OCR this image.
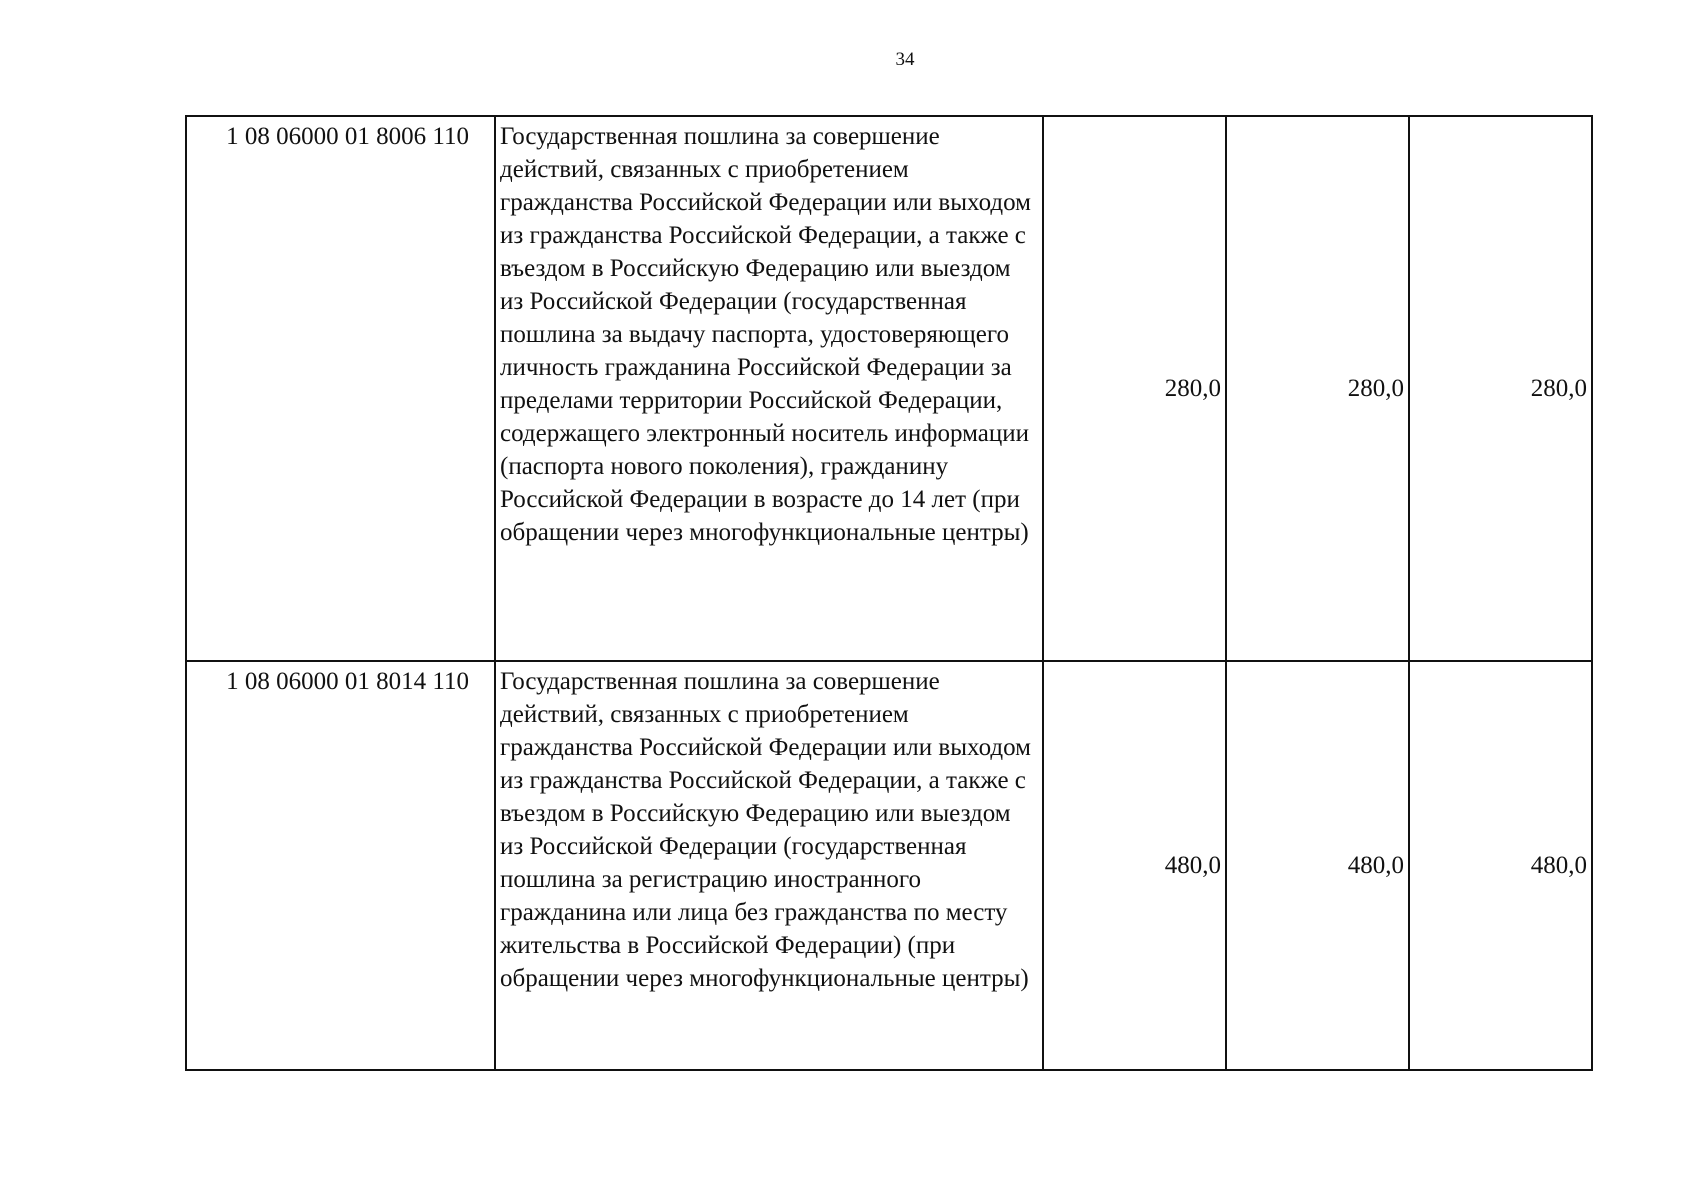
34
1 08 06000 01 8006 110	Государственная пошлина за совершение действий, связанных с приобретением гражданства Российской Федерации или выходом из гражданства Российской Федерации, а также с въездом в Российскую Федерацию или выездом из Российской Федерации (государственная пошлина за выдачу паспорта, удостоверяющего личность гражданина Российской Федерации за пределами территории Российской Федерации, содержащего электронный носитель информации (паспорта нового поколения), гражданину Российской Федерации в возрасте до 14 лет (при обращении через многофункциональные центры)	280,0	280,0	280,0
1 08 06000 01 8014 110	Государственная пошлина за совершение действий, связанных с приобретением гражданства Российской Федерации или выходом из гражданства Российской Федерации, а также с въездом в Российскую Федерацию или выездом из Российской Федерации (государственная пошлина за регистрацию иностранного гражданина или лица без гражданства по месту жительства в Российской Федерации) (при обращении через многофункциональные центры)	480,0	480,0	480,0
